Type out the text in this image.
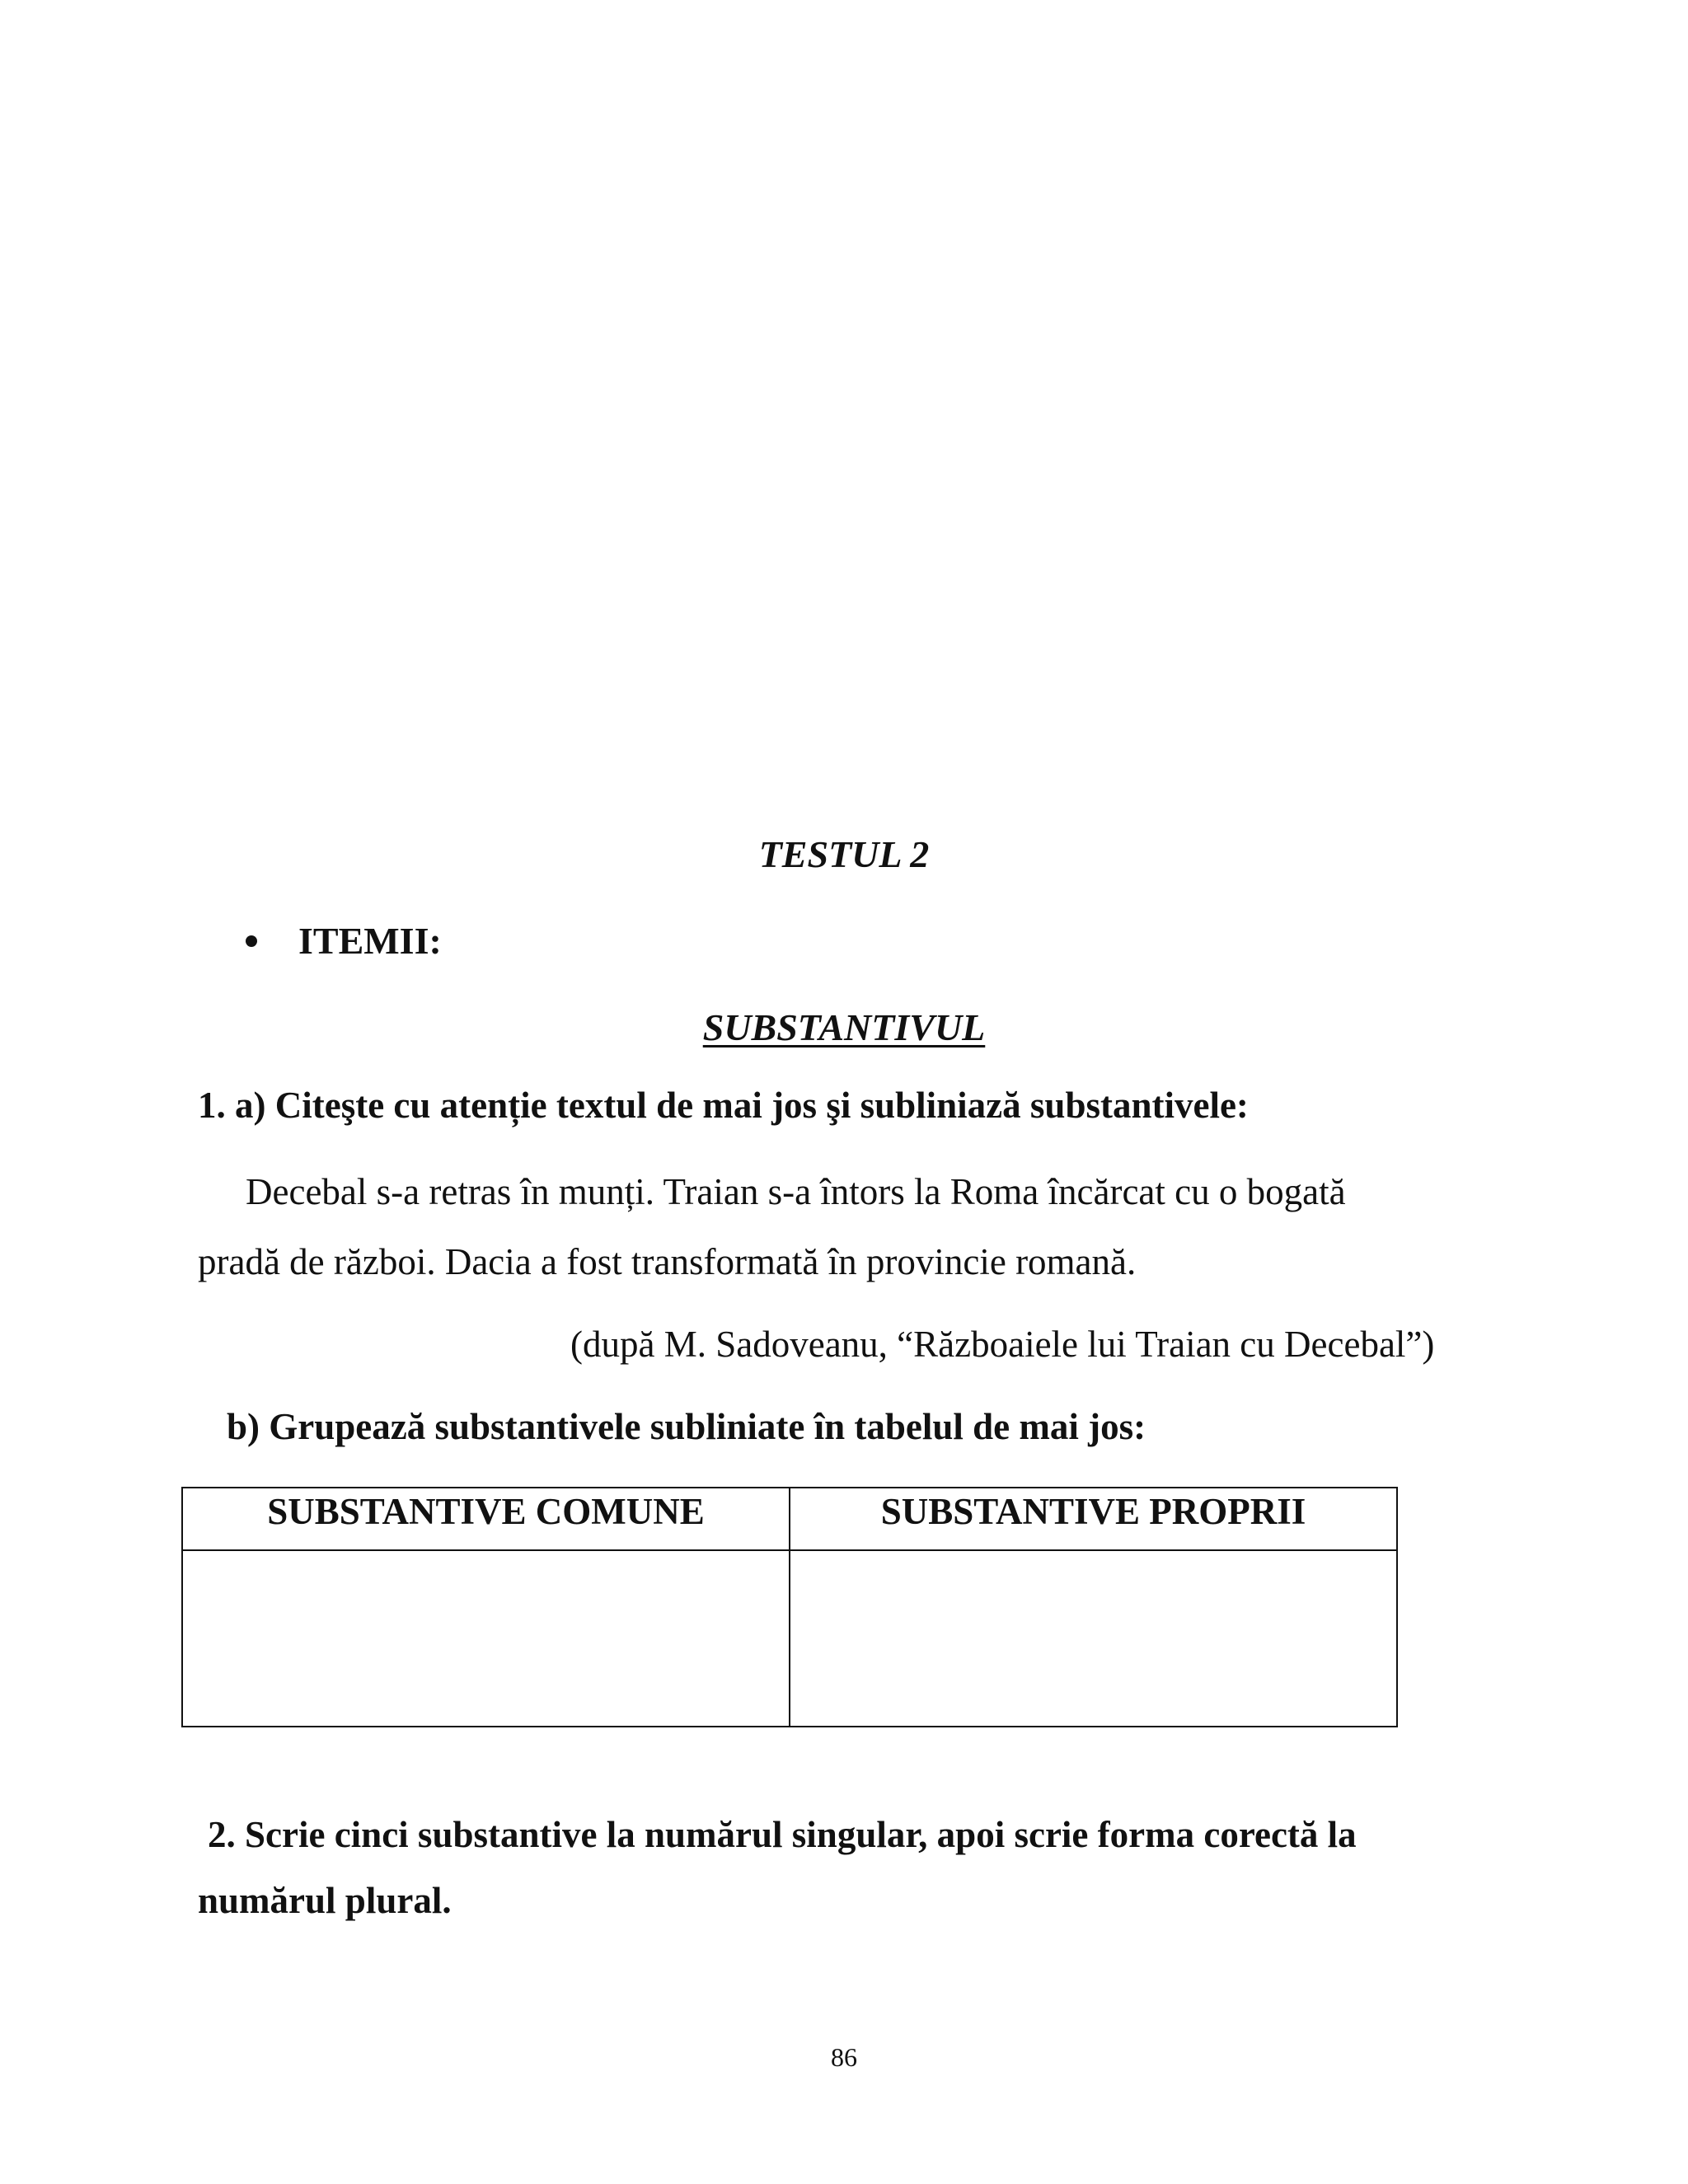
TESTUL 2
ITEMII:
SUBSTANTIVUL
1. a) Citeşte cu atenție textul de mai jos şi subliniază substantivele:
Decebal s-a retras în munți. Traian s-a întors la Roma încărcat cu o bogată
pradă de război. Dacia a fost transformată în provincie romană.
(după M. Sadoveanu, “Războaiele lui Traian cu Decebal”)
b) Grupează substantivele subliniate în tabelul de mai jos:
SUBSTANTIVE COMUNE	SUBSTANTIVE PROPRII

2. Scrie cinci substantive la numărul singular, apoi scrie forma corectă la
numărul plural.
86
